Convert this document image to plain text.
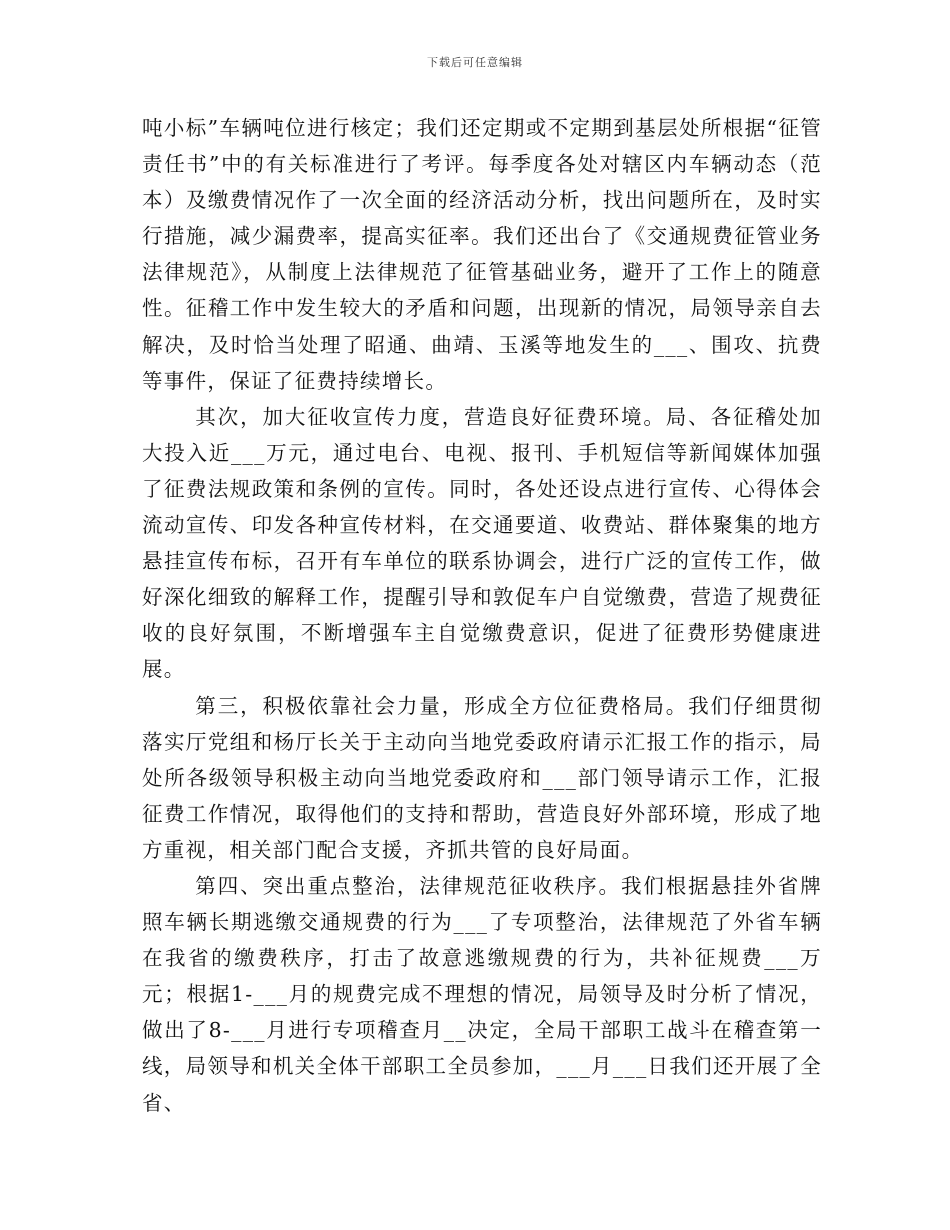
下载后可任意编辑

吨小标”车辆吨位进行核定；我们还定期或不定期到基层处所根据“征管责任书”中的有关标准进行了考评。每季度各处对辖区内车辆动态（范本）及缴费情况作了一次全面的经济活动分析，找出问题所在，及时实行措施，减少漏费率，提高实征率。我们还出台了《交通规费征管业务法律规范》，从制度上法律规范了征管基础业务，避开了工作上的随意性。征稽工作中发生较大的矛盾和问题，出现新的情况，局领导亲自去解决，及时恰当处理了昭通、曲靖、玉溪等地发生的___、围攻、抗费等事件，保证了征费持续增长。

其次，加大征收宣传力度，营造良好征费环境。局、各征稽处加大投入近___万元，通过电台、电视、报刊、手机短信等新闻媒体加强了征费法规政策和条例的宣传。同时，各处还设点进行宣传、心得体会流动宣传、印发各种宣传材料，在交通要道、收费站、群体聚集的地方悬挂宣传布标，召开有车单位的联系协调会，进行广泛的宣传工作，做好深化细致的解释工作，提醒引导和敦促车户自觉缴费，营造了规费征收的良好氛围，不断增强车主自觉缴费意识，促进了征费形势健康进展。

第三，积极依靠社会力量，形成全方位征费格局。我们仔细贯彻落实厅党组和杨厅长关于主动向当地党委政府请示汇报工作的指示，局处所各级领导积极主动向当地党委政府和___部门领导请示工作，汇报征费工作情况，取得他们的支持和帮助，营造良好外部环境，形成了地方重视，相关部门配合支援，齐抓共管的良好局面。

第四、突出重点整治，法律规范征收秩序。我们根据悬挂外省牌照车辆长期逃缴交通规费的行为___了专项整治，法律规范了外省车辆在我省的缴费秩序，打击了故意逃缴规费的行为，共补征规费___万元；根据1-___月的规费完成不理想的情况，局领导及时分析了情况，做出了8-___月进行专项稽查月__决定，全局干部职工战斗在稽查第一线，局领导和机关全体干部职工全员参加，___月___日我们还开展了全省、
